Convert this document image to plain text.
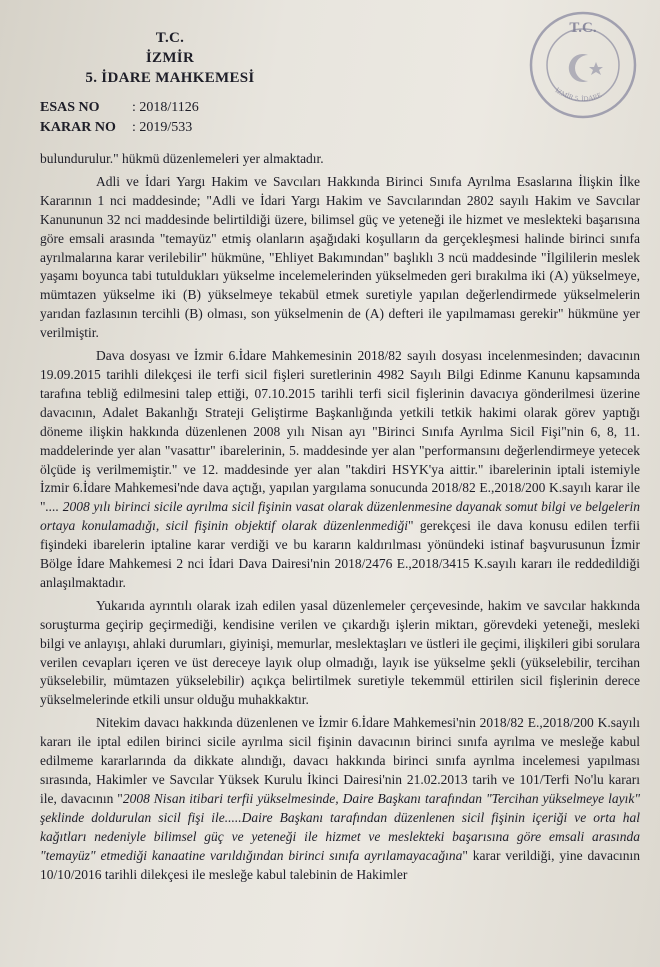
T.C.
İZMİR
5. İDARE MAHKEMESİ
ESAS NO	: 2018/1126
KARAR NO	: 2019/533
T.C.
İZMİR 5. İDARE

bulundurulur." hükmü düzenlemeleri yer almaktadır.

Adli ve İdari Yargı Hakim ve Savcıları Hakkında Birinci Sınıfa Ayrılma Esaslarına İlişkin İlke Kararının 1 nci maddesinde; "Adli ve İdari Yargı Hakim ve Savcılarından 2802 sayılı Hakim ve Savcılar Kanununun 32 nci maddesinde belirtildiği üzere, bilimsel güç ve yeteneği ile hizmet ve meslekteki başarısına göre emsali arasında "temayüz" etmiş olanların aşağıdaki koşulların da gerçekleşmesi halinde birinci sınıfa ayrılmalarına karar verilebilir" hükmüne, "Ehliyet Bakımından" başlıklı 3 ncü maddesinde "İlgililerin meslek yaşamı boyunca tabi tutuldukları yükselme incelemelerinden yükselmeden geri bırakılma iki (A) yükselmeye, mümtazen yükselme iki (B) yükselmeye tekabül etmek suretiyle yapılan değerlendirmede yükselmelerin yarıdan fazlasının tercihli (B) olması, son yükselmenin de (A) defteri ile yapılmaması gerekir" hükmüne yer verilmiştir.

Dava dosyası ve İzmir 6.İdare Mahkemesinin 2018/82 sayılı dosyası incelenmesinden; davacının 19.09.2015 tarihli dilekçesi ile terfi sicil fişleri suretlerinin 4982 Sayılı Bilgi Edinme Kanunu kapsamında tarafına tebliğ edilmesini talep ettiği, 07.10.2015 tarihli terfi sicil fişlerinin davacıya gönderilmesi üzerine davacının, Adalet Bakanlığı Strateji Geliştirme Başkanlığında yetkili tetkik hakimi olarak görev yaptığı döneme ilişkin hakkında düzenlenen 2008 yılı Nisan ayı "Birinci Sınıfa Ayrılma Sicil Fişi"nin 6, 8, 11. maddelerinde yer alan "vasattır" ibarelerinin, 5. maddesinde yer alan "performansını değerlendirmeye yetecek ölçüde iş verilmemiştir." ve 12. maddesinde yer alan "takdiri HSYK'ya aittir." ibarelerinin iptali istemiyle İzmir 6.İdare Mahkemesi'nde dava açtığı, yapılan yargılama sonucunda 2018/82 E.,2018/200 K.sayılı karar ile ".... 2008 yılı birinci sicile ayrılma sicil fişinin vasat olarak düzenlenmesine dayanak somut bilgi ve belgelerin ortaya konulamadığı, sicil fişinin objektif olarak düzenlenmediği" gerekçesi ile dava konusu edilen terfii fişindeki ibarelerin iptaline karar verdiği ve bu kararın kaldırılması yönündeki istinaf başvurusunun İzmir Bölge İdare Mahkemesi 2 nci İdari Dava Dairesi'nin 2018/2476 E.,2018/3415 K.sayılı kararı ile reddedildiği anlaşılmaktadır.

Yukarıda ayrıntılı olarak izah edilen yasal düzenlemeler çerçevesinde, hakim ve savcılar hakkında soruşturma geçirip geçirmediği, kendisine verilen ve çıkardığı işlerin miktarı, görevdeki yeteneği, mesleki bilgi ve anlayışı, ahlaki durumları, giyinişi, memurlar, meslektaşları ve üstleri ile geçimi, ilişkileri gibi sorulara verilen cevapları içeren ve üst dereceye layık olup olmadığı, layık ise yükselme şekli (yükselebilir, tercihan yükselebilir, mümtazen yükselebilir) açıkça belirtilmek suretiyle tekemmül ettirilen sicil fişlerinin derece yükselmelerinde etkili unsur olduğu muhakkaktır.

Nitekim davacı hakkında düzenlenen ve İzmir 6.İdare Mahkemesi'nin 2018/82 E.,2018/200 K.sayılı kararı ile iptal edilen birinci sicile ayrılma sicil fişinin davacının birinci sınıfa ayrılma ve mesleğe kabul edilmeme kararlarında da dikkate alındığı, davacı hakkında birinci sınıfa ayrılma incelemesi yapılması sırasında, Hakimler ve Savcılar Yüksek Kurulu İkinci Dairesi'nin 21.02.2013 tarih ve 101/Terfi No'lu kararı ile, davacının "2008 Nisan itibari terfii yükselmesinde, Daire Başkanı tarafından "Tercihan yükselmeye layık" şeklinde doldurulan sicil fişi ile.....Daire Başkanı tarafından düzenlenen sicil fişinin içeriği ve orta hal kağıtları nedeniyle bilimsel güç ve yeteneği ile hizmet ve meslekteki başarısına göre emsali arasında "temayüz" etmediği kanaatine varıldığından birinci sınıfa ayrılamayacağına" karar verildiği, yine davacının 10/10/2016 tarihli dilekçesi ile mesleğe kabul talebinin de Hakimler
